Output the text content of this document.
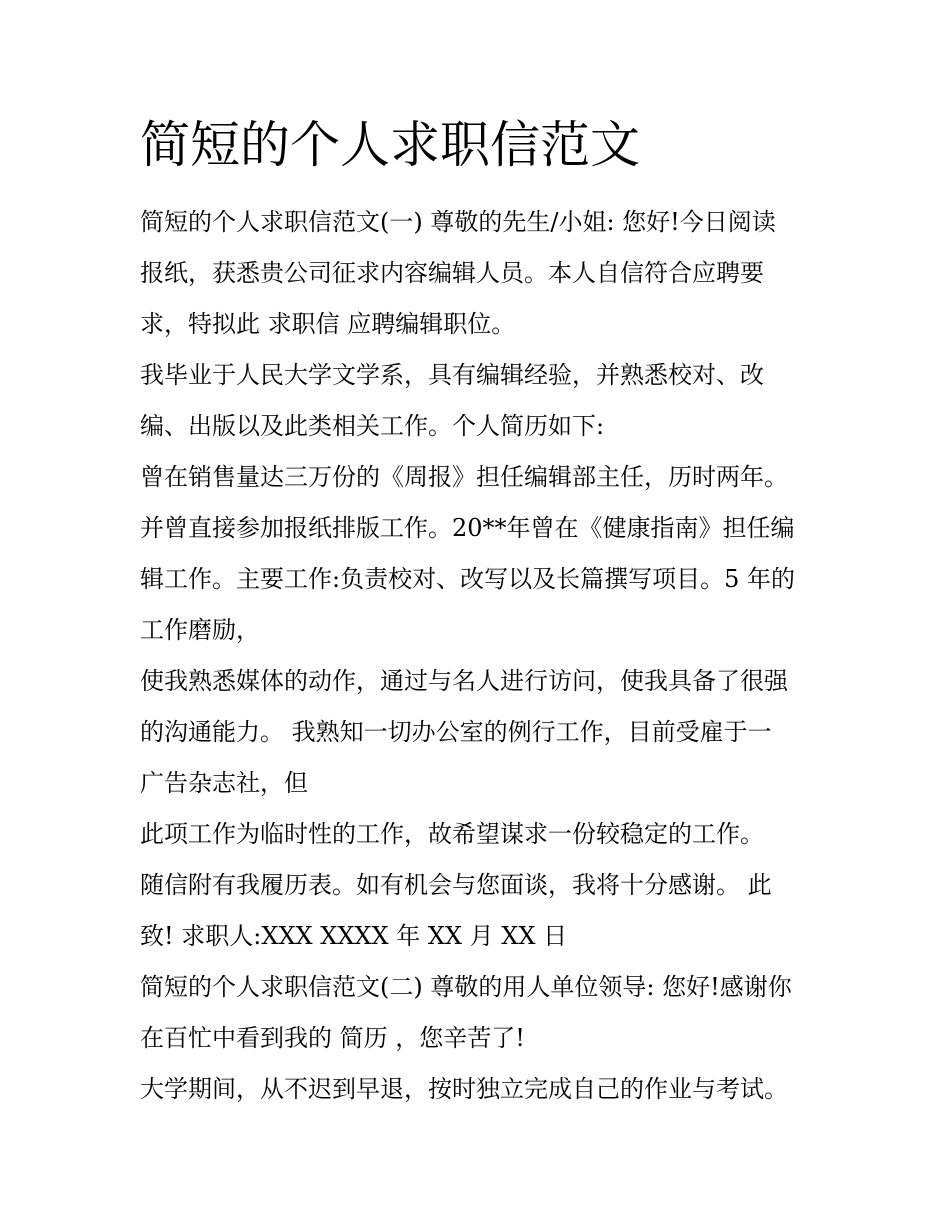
简短的个人求职信范文

简短的个人求职信范文(一) 尊敬的先生/小姐: 您好!今日阅读

报纸，获悉贵公司征求内容编辑人员。本人自信符合应聘要

求，特拟此 求职信 应聘编辑职位。

我毕业于人民大学文学系，具有编辑经验，并熟悉校对、改

编、出版以及此类相关工作。个人简历如下:

曾在销售量达三万份的《周报》担任编辑部主任，历时两年。

并曾直接参加报纸排版工作。20**年曾在《健康指南》担任编

辑工作。主要工作:负责校对、改写以及长篇撰写项目。5 年的

工作磨励，

使我熟悉媒体的动作，通过与名人进行访问，使我具备了很强

的沟通能力。 我熟知一切办公室的例行工作，目前受雇于一

广告杂志社，但

此项工作为临时性的工作，故希望谋求一份较稳定的工作。

随信附有我履历表。如有机会与您面谈，我将十分感谢。 此

致! 求职人:XXX XXXX 年 XX 月 XX 日

简短的个人求职信范文(二) 尊敬的用人单位领导: 您好!感谢你

在百忙中看到我的 简历 ，您辛苦了!

大学期间，从不迟到早退，按时独立完成自己的作业与考试。
